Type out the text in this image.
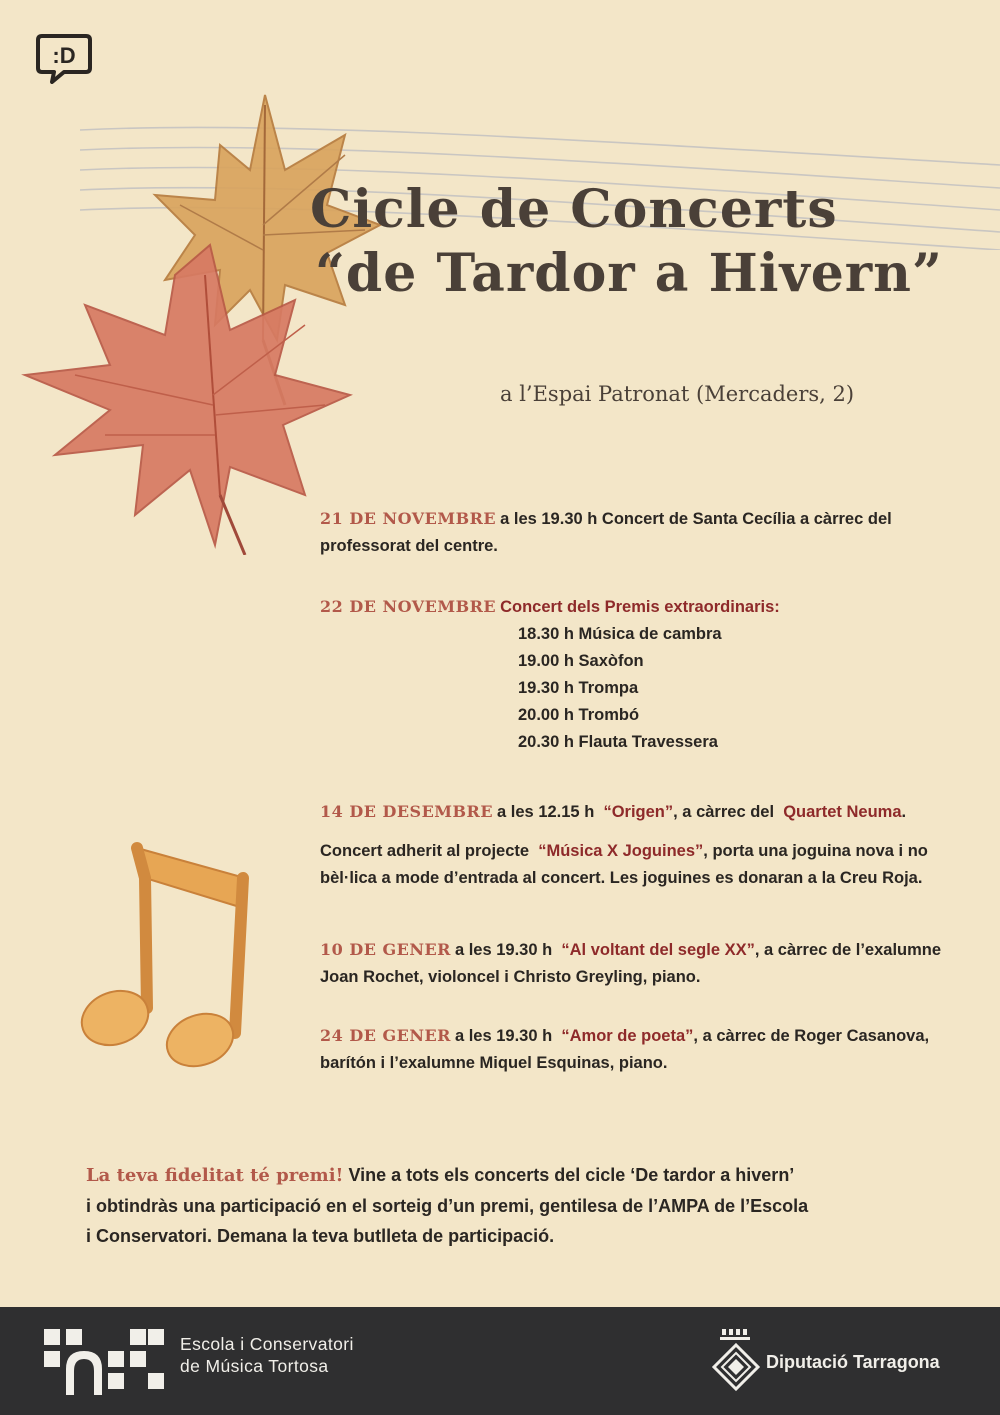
:D
Cicle de Concerts
“de Tardor a Hivern”
a l’Espai Patronat (Mercaders, 2)
21 DE NOVEMBRE a les 19.30 h Concert de Santa Cecília a càrrec del
professorat del centre.
22 DE NOVEMBRE Concert dels Premis extraordinaris:
18.30 h Música de cambra
19.00 h Saxòfon
19.30 h Trompa
20.00 h Trombó
20.30 h Flauta Travessera
14 DE DESEMBRE a les 12.15 h “Origen”, a càrrec del Quartet Neuma.
Concert adherit al projecte “Música X Joguines”, porta una joguina nova i no
bèl·lica a mode d’entrada al concert. Les joguines es donaran a la Creu Roja.
10 DE GENER a les 19.30 h “Al voltant del segle XX”, a càrrec de l’exalumne
Joan Rochet, violoncel i Christo Greyling, piano.
24 DE GENER a les 19.30 h “Amor de poeta”, a càrrec de Roger Casanova,
barítón i l’exalumne Miquel Esquinas, piano.
La teva fidelitat té premi! Vine a tots els concerts del cicle ‘De tardor a hivern’
i obtindràs una participació en el sorteig d’un premi, gentilesa de l’AMPA de l’Escola
i Conservatori. Demana la teva butlleta de participació.
Escola i Conservatori
de Música Tortosa	Diputació Tarragona
